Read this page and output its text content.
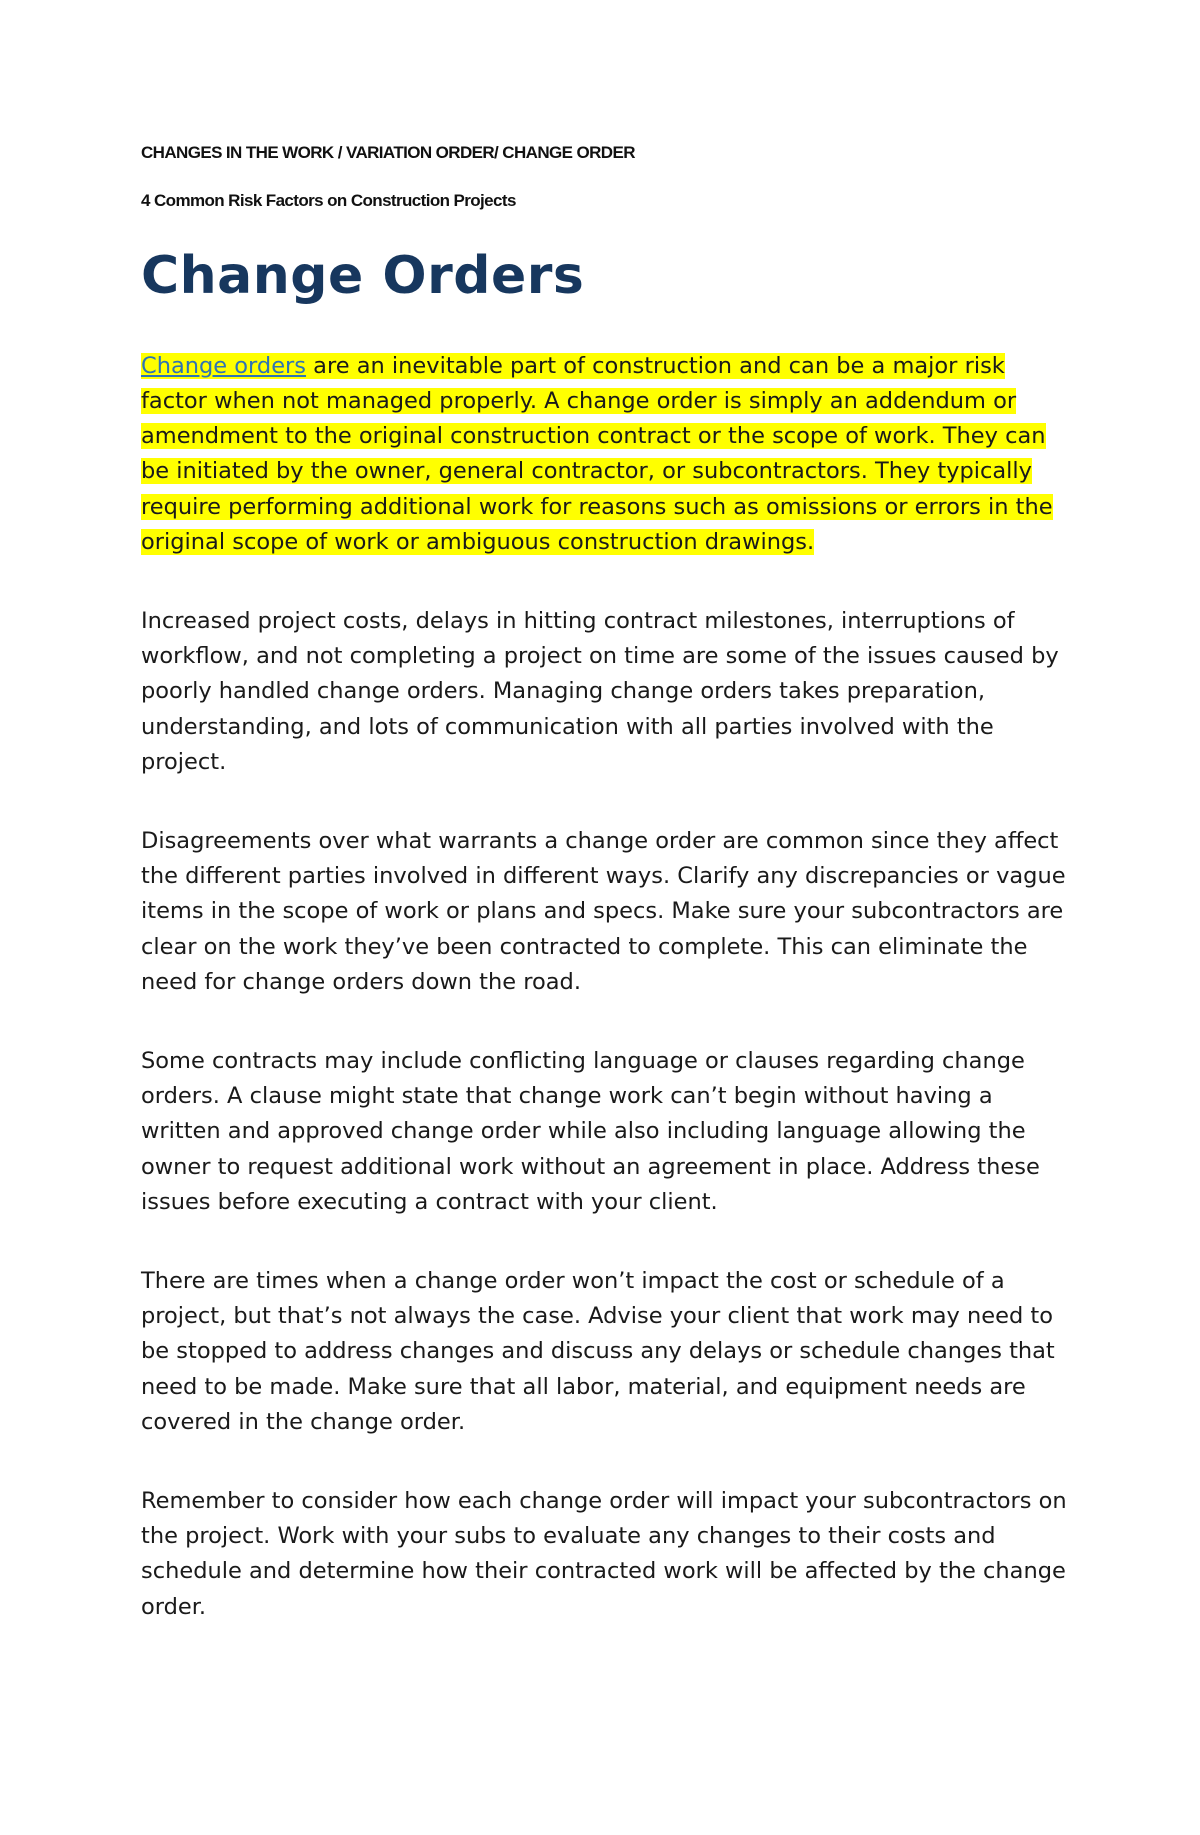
CHANGES IN THE WORK / VARIATION ORDER/ CHANGE ORDER

4 Common Risk Factors on Construction Projects

Change Orders

Change orders are an inevitable part of construction and can be a major risk factor when not managed properly. A change order is simply an addendum or amendment to the original construction contract or the scope of work. They can be initiated by the owner, general contractor, or subcontractors. They typically require performing additional work for reasons such as omissions or errors in the original scope of work or ambiguous construction drawings.

Increased project costs, delays in hitting contract milestones, interruptions of workflow, and not completing a project on time are some of the issues caused by poorly handled change orders. Managing change orders takes preparation, understanding, and lots of communication with all parties involved with the project.

Disagreements over what warrants a change order are common since they affect the different parties involved in different ways. Clarify any discrepancies or vague items in the scope of work or plans and specs. Make sure your subcontractors are clear on the work they’ve been contracted to complete. This can eliminate the need for change orders down the road.

Some contracts may include conflicting language or clauses regarding change orders. A clause might state that change work can’t begin without having a written and approved change order while also including language allowing the owner to request additional work without an agreement in place. Address these issues before executing a contract with your client.

There are times when a change order won’t impact the cost or schedule of a project, but that’s not always the case. Advise your client that work may need to be stopped to address changes and discuss any delays or schedule changes that need to be made. Make sure that all labor, material, and equipment needs are covered in the change order.

Remember to consider how each change order will impact your subcontractors on the project. Work with your subs to evaluate any changes to their costs and schedule and determine how their contracted work will be affected by the change order.
